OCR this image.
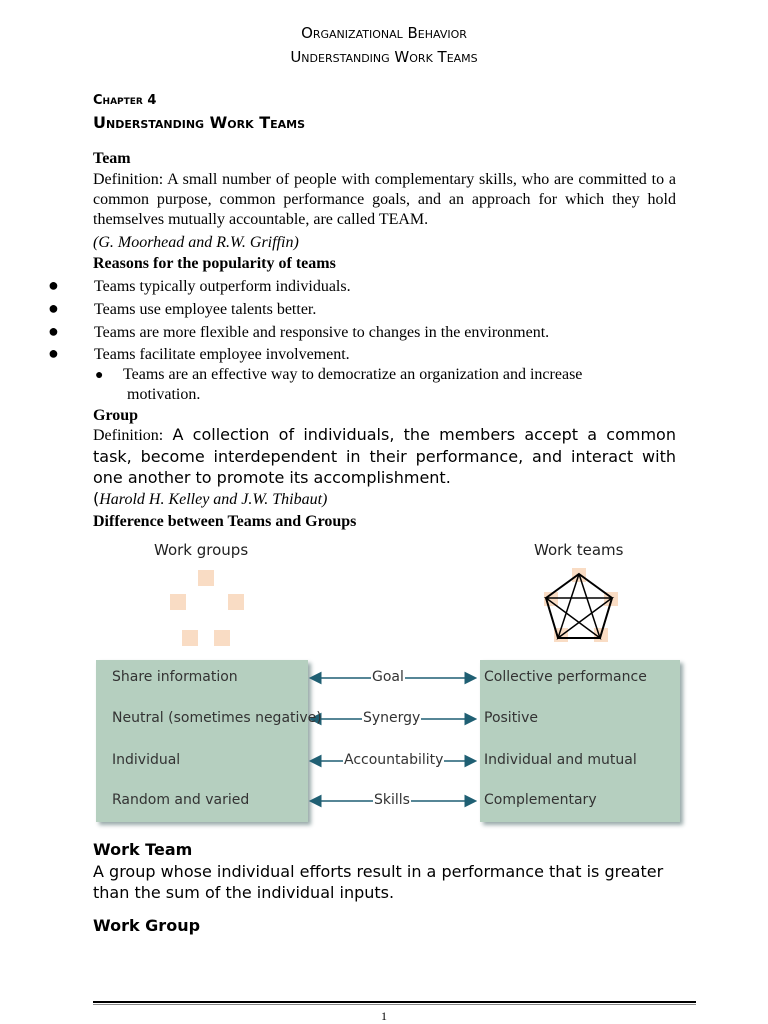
Organizational Behavior
Understanding Work Teams
Chapter 4
Understanding Work Teams
Team
Definition: A small number of people with complementary skills, who are committed to a common purpose, common performance goals, and an approach for which they hold themselves mutually accountable, are called TEAM.
(G. Moorhead and R.W. Griffin)
Reasons for the popularity of teams
● Teams typically outperform individuals.
● Teams use employee talents better.
● Teams are more flexible and responsive to changes in the environment.
● Teams facilitate employee involvement.
● Teams are an effective way to democratize an organization and increase
motivation.
Group
Definition: A collection of individuals, the members accept a common task, become interdependent in their performance, and interact with one another to promote its accomplishment.
(Harold H. Kelley and J.W. Thibaut)
Difference between Teams and Groups
Work groups	Work teams
Share information	Goal	Collective performance
Neutral (sometimes negative)	Synergy	Positive
Individual	Accountability	Individual and mutual
Random and varied	Skills	Complementary
Work Team
A group whose individual efforts result in a performance that is greater than the sum of the individual inputs.
Work Group
1
